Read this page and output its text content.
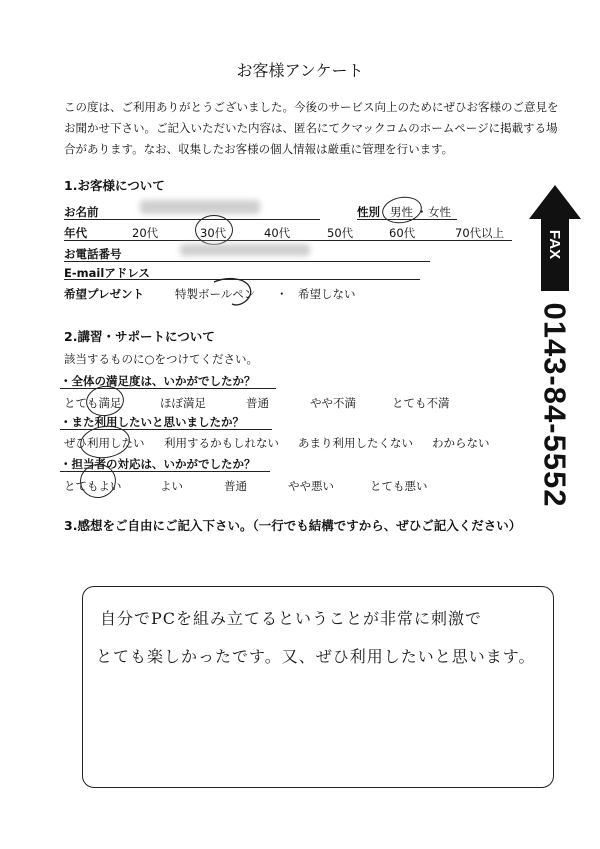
お客様アンケート
この度は、ご利用ありがとうございました。今後のサービス向上のためにぜひお客様のご意見をお聞かせ下さい。ご記入いただいた内容は、匿名にてクマックコムのホームページに掲載する場合があります。なお、収集したお客様の個人情報は厳重に管理を行います。
1.お客様について
お名前	性別 男性 ・ 女性
年代	20代	30代	40代	50代	60代	70代以上
お電話番号
E-mailアドレス
希望プレゼント	特製ボールペン ・ 希望しない
2.講習・サポートについて
該当するものに○をつけてください。
・全体の満足度は、いかがでしたか？
とても満足	ほぼ満足	普通	やや不満	とても不満
・また利用したいと思いましたか？
ぜひ利用したい 利用するかもしれない あまり利用したくない わからない
・担当者の対応は、いかがでしたか？
とてもよい	よい	普通	やや悪い	とても悪い
3.感想をご自由にご記入下さい。（一行でも結構ですから、ぜひご記入ください）
自分でPCを組み立てるということが非常に刺激で
とても楽しかったです。又、ぜひ利用したいと思います。
FAX
0143-84-5552
